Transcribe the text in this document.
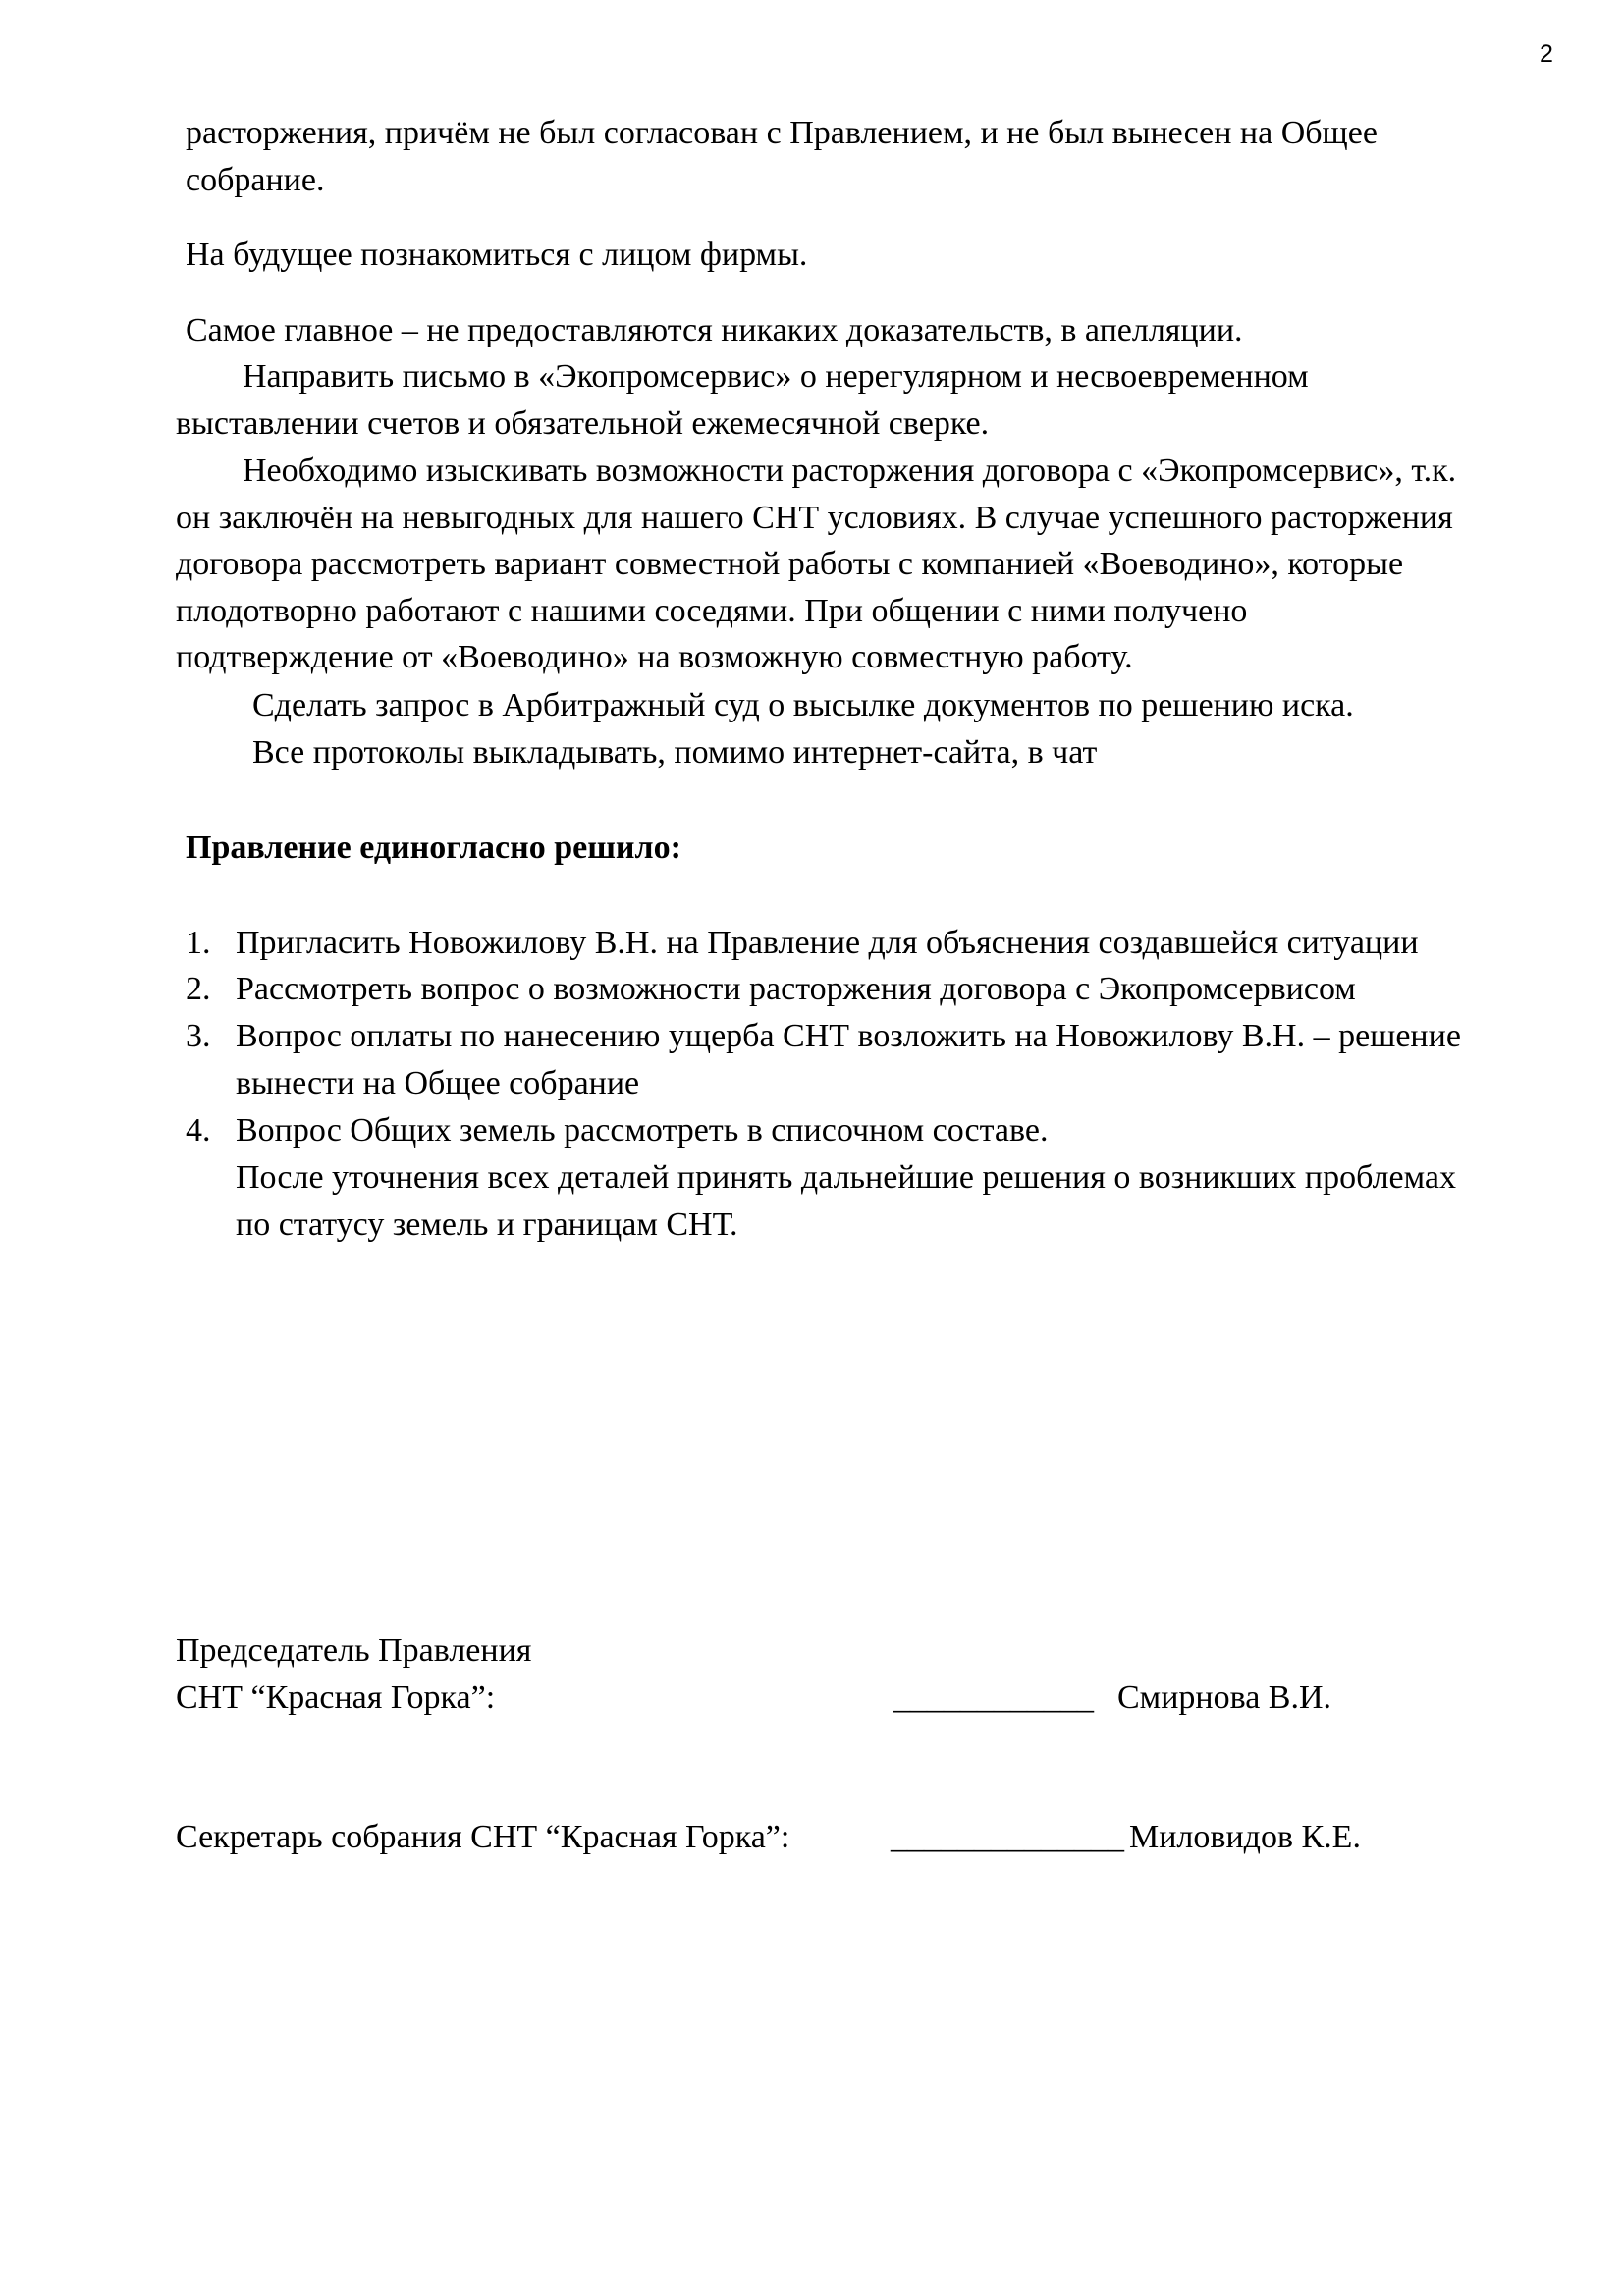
2

расторжения, причём не был согласован с Правлением, и не был вынесен на Общее

собрание.

На будущее познакомиться с лицом фирмы.

Самое главное – не предоставляются никаких доказательств, в апелляции.

Направить письмо в «Экопромсервис» о нерегулярном и несвоевременном

выставлении счетов и обязательной ежемесячной сверке.

Необходимо изыскивать возможности расторжения договора с «Экопромсервис», т.к.

он заключён на невыгодных для нашего СНТ условиях. В случае успешного расторжения

договора рассмотреть вариант совместной работы с компанией «Воеводино», которые

плодотворно работают с нашими соседями. При общении с ними получено

подтверждение от «Воеводино» на возможную совместную работу.

Сделать запрос в Арбитражный суд о высылке документов по решению иска.

Все протоколы выкладывать, помимо интернет-сайта, в чат

Правление единогласно решило:

1. Пригласить Новожилову В.Н. на Правление для объяснения создавшейся ситуации
2. Рассмотреть вопрос о возможности расторжения договора с Экопромсервисом
3. Вопрос оплаты по нанесению ущерба СНТ возложить на Новожилову В.Н. – решение
вынести на Общее собрание
4. Вопрос Общих земель рассмотреть в списочном составе.
После уточнения всех деталей принять дальнейшие решения о возникших проблемах
по статусу земель и границам СНТ.
Председатель Правления
СНТ “Красная Горка”:	____________ Смирнова В.И.
Секретарь собрания СНТ “Красная Горка”:	______________ Миловидов К.Е.
